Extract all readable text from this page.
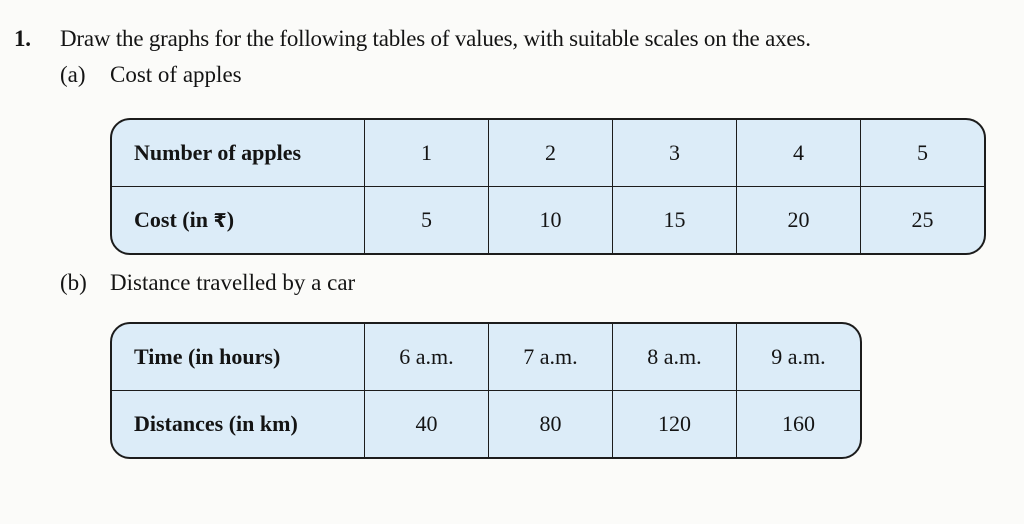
1. Draw the graphs for the following tables of values, with suitable scales on the axes.
(a) Cost of apples
Number of apples	1	2	3	4	5
Cost (in ₹)	5	10	15	20	25
(b) Distance travelled by a car
Time (in hours)	6 a.m.	7 a.m.	8 a.m.	9 a.m.
Distances (in km)	40	80	120	160
